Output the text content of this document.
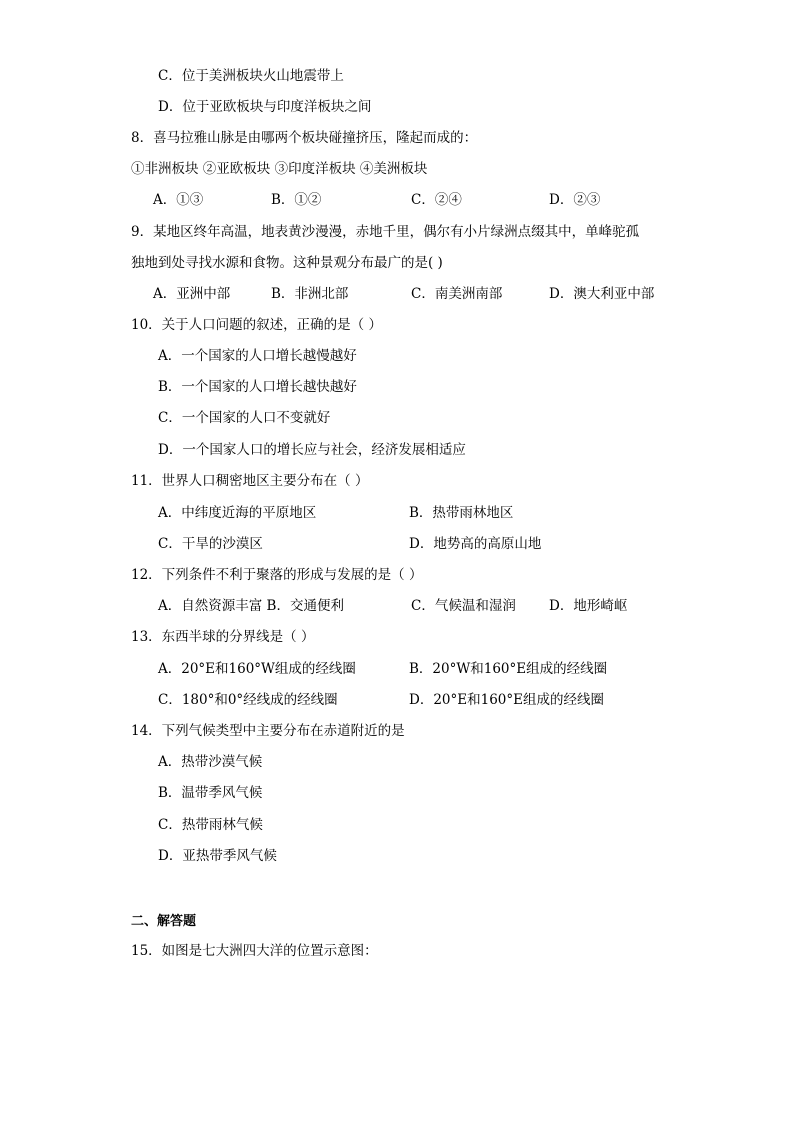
C．位于美洲板块火山地震带上
D．位于亚欧板块与印度洋板块之间
8．喜马拉雅山脉是由哪两个板块碰撞挤压，隆起而成的：
①非洲板块 ②亚欧板块 ③印度洋板块 ④美洲板块
A．①③	B．①②	C．②④	D．②③
9．某地区终年高温，地表黄沙漫漫，赤地千里，偶尔有小片绿洲点缀其中，单峰驼孤
独地到处寻找水源和食物。这种景观分布最广的是( )
A．亚洲中部	B．非洲北部	C．南美洲南部	D．澳大利亚中部
10．关于人口问题的叙述，正确的是（ ）
A．一个国家的人口增长越慢越好
B．一个国家的人口增长越快越好
C．一个国家的人口不变就好
D．一个国家人口的增长应与社会，经济发展相适应
11．世界人口稠密地区主要分布在（ ）
A．中纬度近海的平原地区	B．热带雨林地区
C．干旱的沙漠区	D．地势高的高原山地
12．下列条件不利于聚落的形成与发展的是（ ）
A．自然资源丰富 B．交通便利	C．气候温和湿润 D．地形崎岖
13．东西半球的分界线是（ ）
A．20°E和160°W组成的经线圈	B．20°W和160°E组成的经线圈
C．180°和0°经线成的经线圈	D．20°E和160°E组成的经线圈
14．下列气候类型中主要分布在赤道附近的是
A．热带沙漠气候
B．温带季风气候
C．热带雨林气候
D．亚热带季风气候
二、解答题
15．如图是七大洲四大洋的位置示意图：
